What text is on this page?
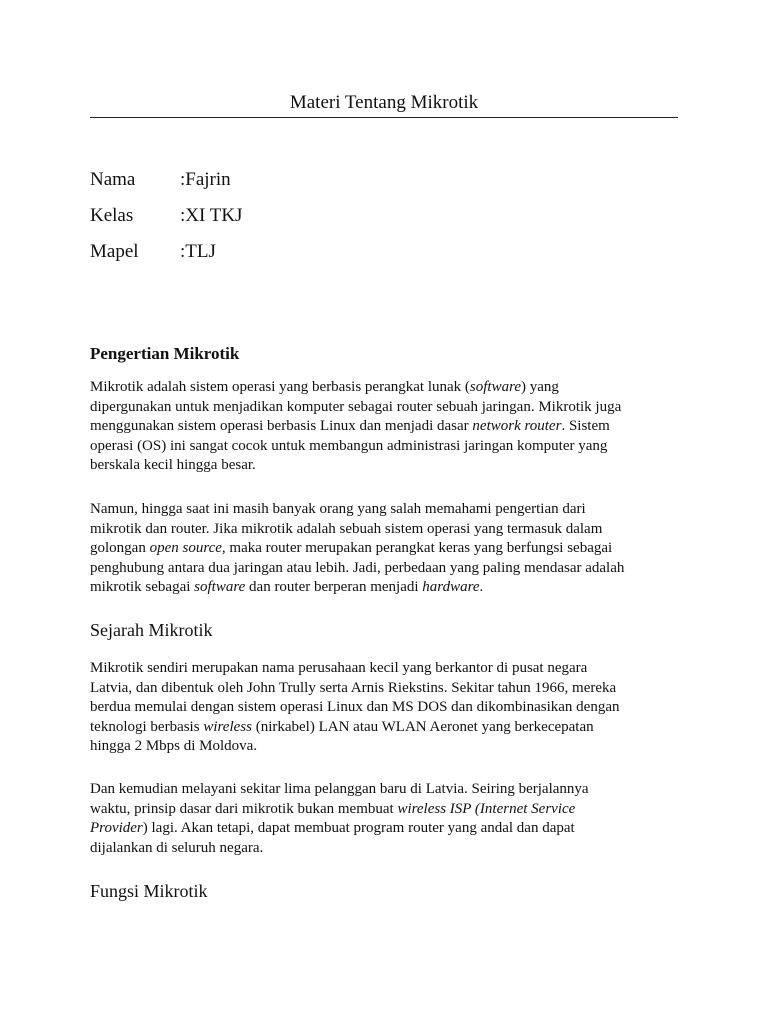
Materi Tentang Mikrotik
Nama	:Fajrin
Kelas	:XI TKJ
Mapel	:TLJ
Pengertian Mikrotik
Mikrotik adalah sistem operasi yang berbasis perangkat lunak (software) yang
dipergunakan untuk menjadikan komputer sebagai router sebuah jaringan. Mikrotik juga
menggunakan sistem operasi berbasis Linux dan menjadi dasar network router. Sistem
operasi (OS) ini sangat cocok untuk membangun administrasi jaringan komputer yang
berskala kecil hingga besar.
Namun, hingga saat ini masih banyak orang yang salah memahami pengertian dari
mikrotik dan router. Jika mikrotik adalah sebuah sistem operasi yang termasuk dalam
golongan open source, maka router merupakan perangkat keras yang berfungsi sebagai
penghubung antara dua jaringan atau lebih. Jadi, perbedaan yang paling mendasar adalah
mikrotik sebagai software dan router berperan menjadi hardware.
Sejarah Mikrotik
Mikrotik sendiri merupakan nama perusahaan kecil yang berkantor di pusat negara
Latvia, dan dibentuk oleh John Trully serta Arnis Riekstins. Sekitar tahun 1966, mereka
berdua memulai dengan sistem operasi Linux dan MS DOS dan dikombinasikan dengan
teknologi berbasis wireless (nirkabel) LAN atau WLAN Aeronet yang berkecepatan
hingga 2 Mbps di Moldova.
Dan kemudian melayani sekitar lima pelanggan baru di Latvia. Seiring berjalannya
waktu, prinsip dasar dari mikrotik bukan membuat wireless ISP (Internet Service
Provider) lagi. Akan tetapi, dapat membuat program router yang andal dan dapat
dijalankan di seluruh negara.
Fungsi Mikrotik
